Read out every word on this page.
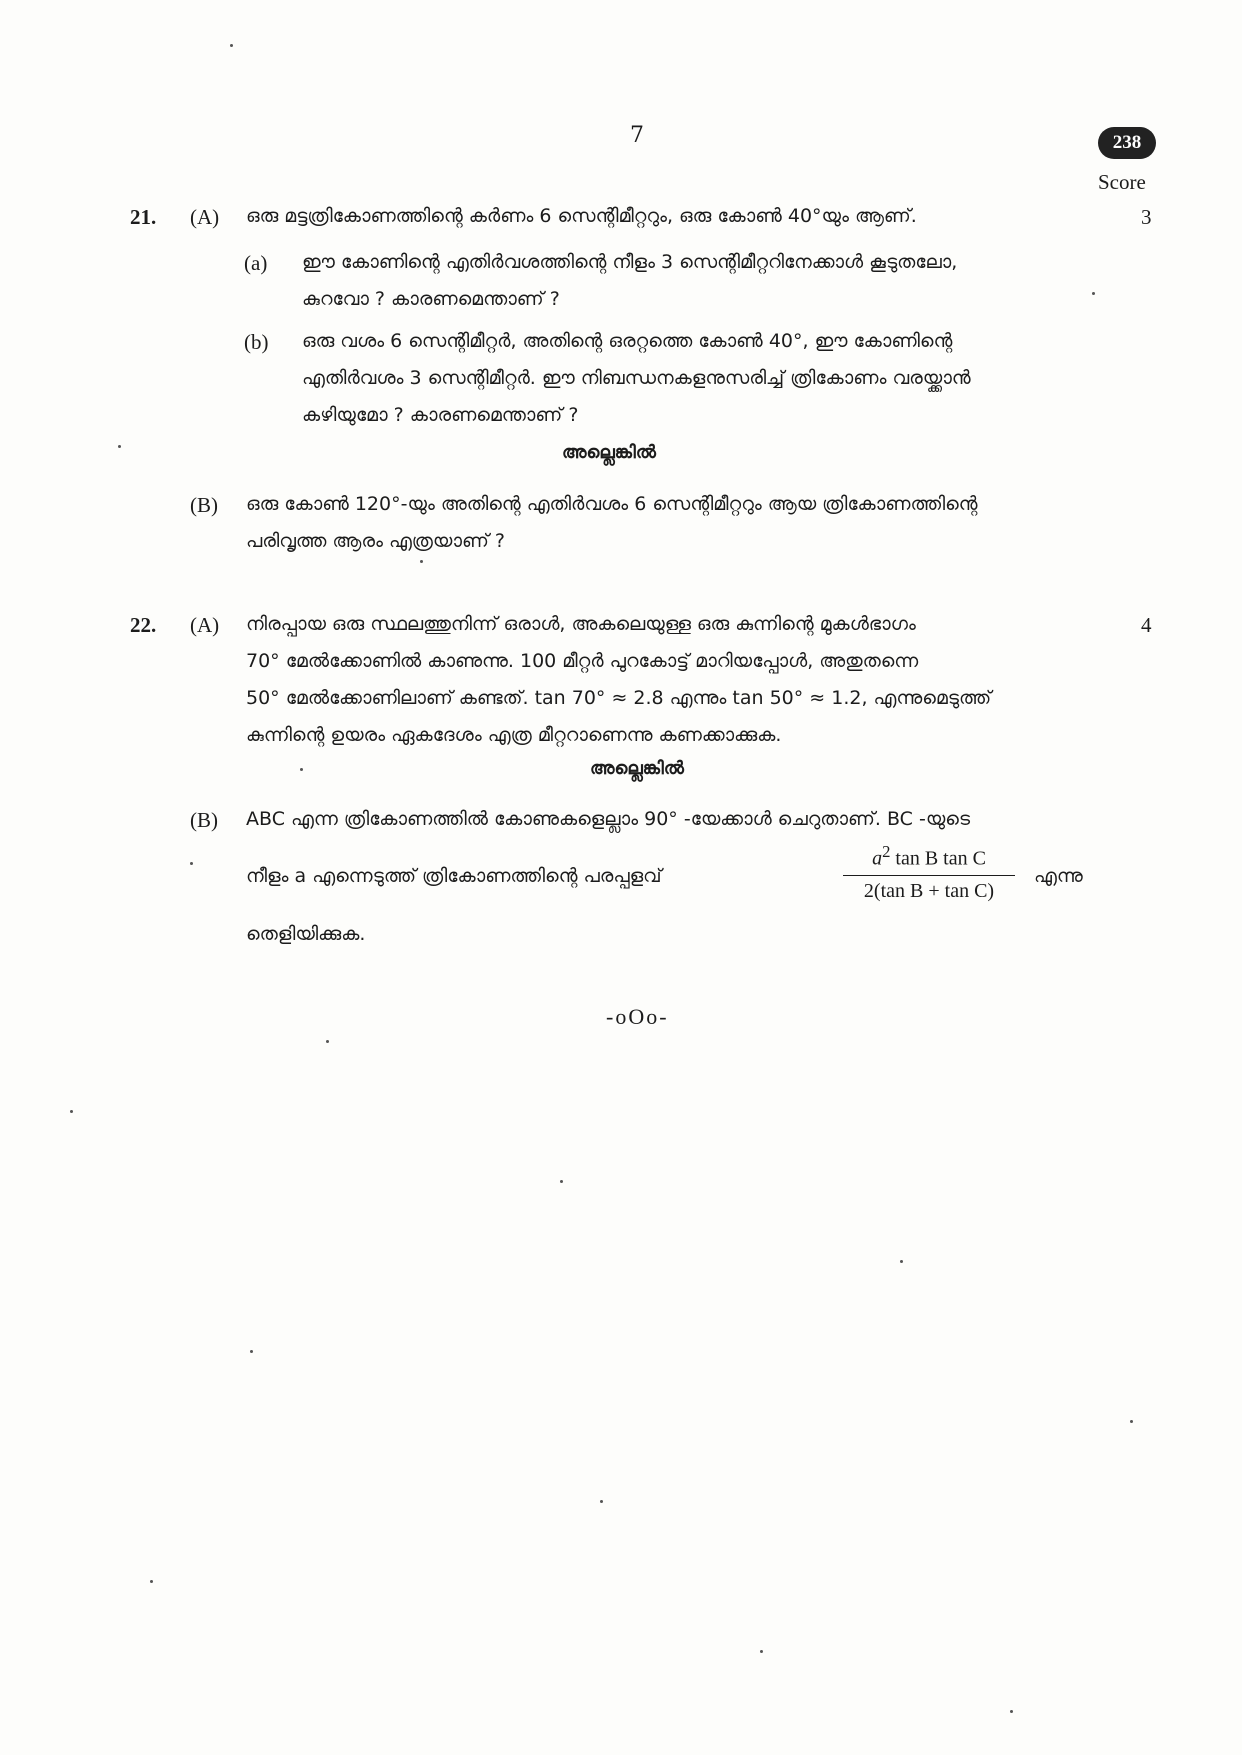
7	238
Score
21. (A) ഒരു മട്ടത്രികോണത്തിന്റെ കർണം 6 സെന്റിമീറ്ററും, ഒരു കോൺ 40°യും ആണ്.	3
(a) ഈ കോണിന്റെ എതിർവശത്തിന്റെ നീളം 3 സെന്റിമീറ്ററിനേക്കാൾ കൂടുതലോ,

കുറവോ ? കാരണമെന്താണ് ?

(b) ഒരു വശം 6 സെന്റിമീറ്റർ, അതിന്റെ ഒരറ്റത്തെ കോൺ 40°, ഈ കോണിന്റെ

എതിർവശം 3 സെന്റിമീറ്റർ. ഈ നിബന്ധനകളനുസരിച്ച് ത്രികോണം വരയ്ക്കാൻ

കഴിയുമോ ? കാരണമെന്താണ് ?

അല്ലെങ്കിൽ
(B) ഒരു കോൺ 120°-യും അതിന്റെ എതിർവശം 6 സെന്റിമീറ്ററും ആയ ത്രികോണത്തിന്റെ

പരിവൃത്ത ആരം എത്രയാണ് ?

22. (A) നിരപ്പായ ഒരു സ്ഥലത്തുനിന്ന് ഒരാൾ, അകലെയുള്ള ഒരു കുന്നിന്റെ മുകൾഭാഗം

70° മേൽക്കോണിൽ കാണുന്നു. 100 മീറ്റർ പുറകോട്ട് മാറിയപ്പോൾ, അതുതന്നെ

50° മേൽക്കോണിലാണ് കണ്ടത്. tan 70° ≈ 2.8 എന്നും tan 50° ≈ 1.2, എന്നുമെടുത്ത്

കുന്നിന്റെ ഉയരം ഏകദേശം എത്ര മീറ്ററാണെന്നു കണക്കാക്കുക.

4
അല്ലെങ്കിൽ
(B) ABC എന്ന ത്രികോണത്തിൽ കോണുകളെല്ലാം 90° -യേക്കാൾ ചെറുതാണ്. BC -യുടെ

നീളം a എന്നെടുത്ത് ത്രികോണത്തിന്റെ പരപ്പളവ്

$a^2$ tan B tan C
2(tan B + tan C)

എന്നു

തെളിയിക്കുക.

-oOo-
